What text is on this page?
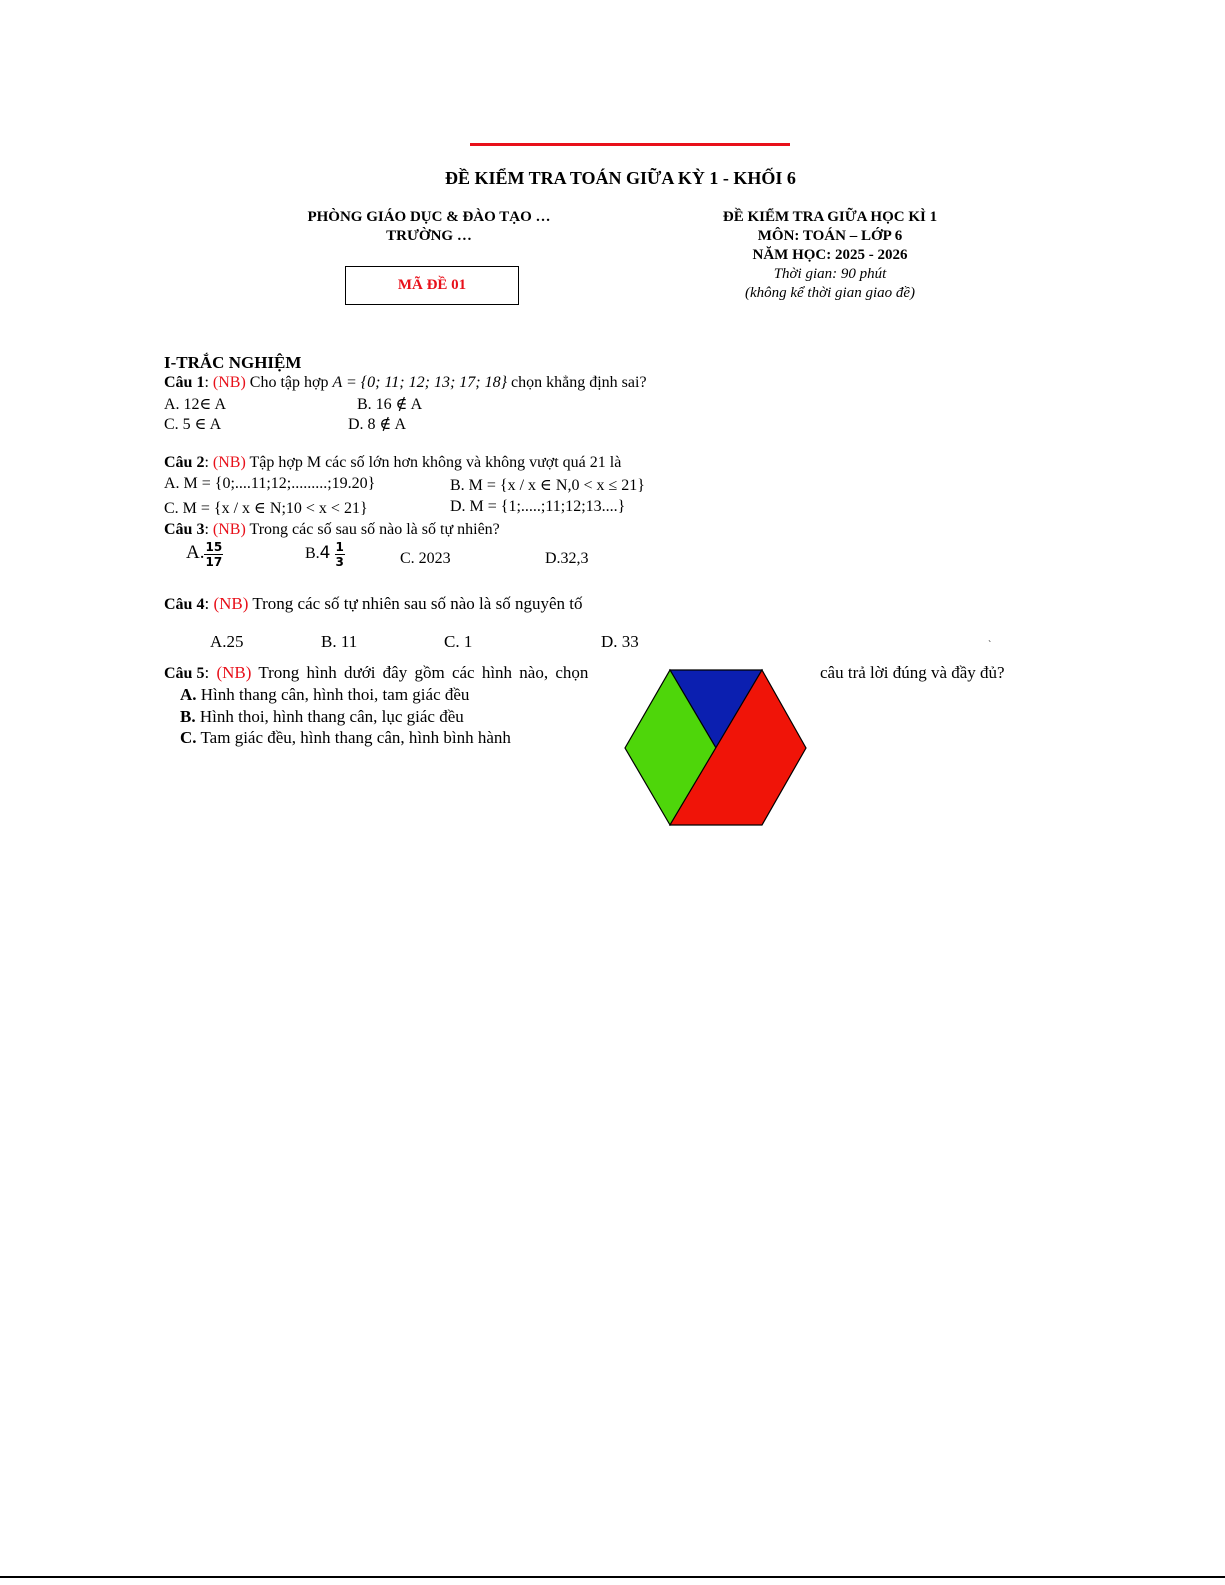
ĐỀ KIỂM TRA TOÁN GIỮA KỲ 1 - KHỐI 6
PHÒNG GIÁO DỤC & ĐÀO TẠO …
TRƯỜNG …
MÃ ĐỀ 01
ĐỀ KIỂM TRA GIỮA HỌC KÌ 1
MÔN: TOÁN – LỚP 6
NĂM HỌC: 2025 - 2026
Thời gian: 90 phút
(không kể thời gian giao đề)
I-TRẮC NGHIỆM
Câu 1: (NB) Cho tập hợp A = {0; 11; 12; 13; 17; 18} chọn khẳng định sai?
A. 12∈ A	B. 16 ∉ A
C. 5 ∈ A	D. 8 ∉ A
Câu 2: (NB) Tập hợp M các số lớn hơn không và không vượt quá 21 là
A. M = {0;....11;12;.........;19.20}	B. M = {x / x ∈ N,0 < x ≤ 21}
C. M = {x / x ∈ N;10 < x < 21}	D. M = {1;.....;11;12;13....}
Câu 3: (NB) Trong các số sau số nào là số tự nhiên?
A. $\frac{15}{17}$	$B.4 \frac{1}{3}$	C. 2023	D.32,3
Câu 4: (NB) Trong các số tự nhiên sau số nào là số nguyên tố
A.25	B. 11	C. 1	D. 33
Câu 5: (NB) Trong hình dưới đây gồm các hình nào, chọn	câu trả lời đúng và đầy đủ?
A. Hình thang cân, hình thoi, tam giác đều
B. Hình thoi, hình thang cân, lục giác đều
C. Tam giác đều, hình thang cân, hình bình hành
`
